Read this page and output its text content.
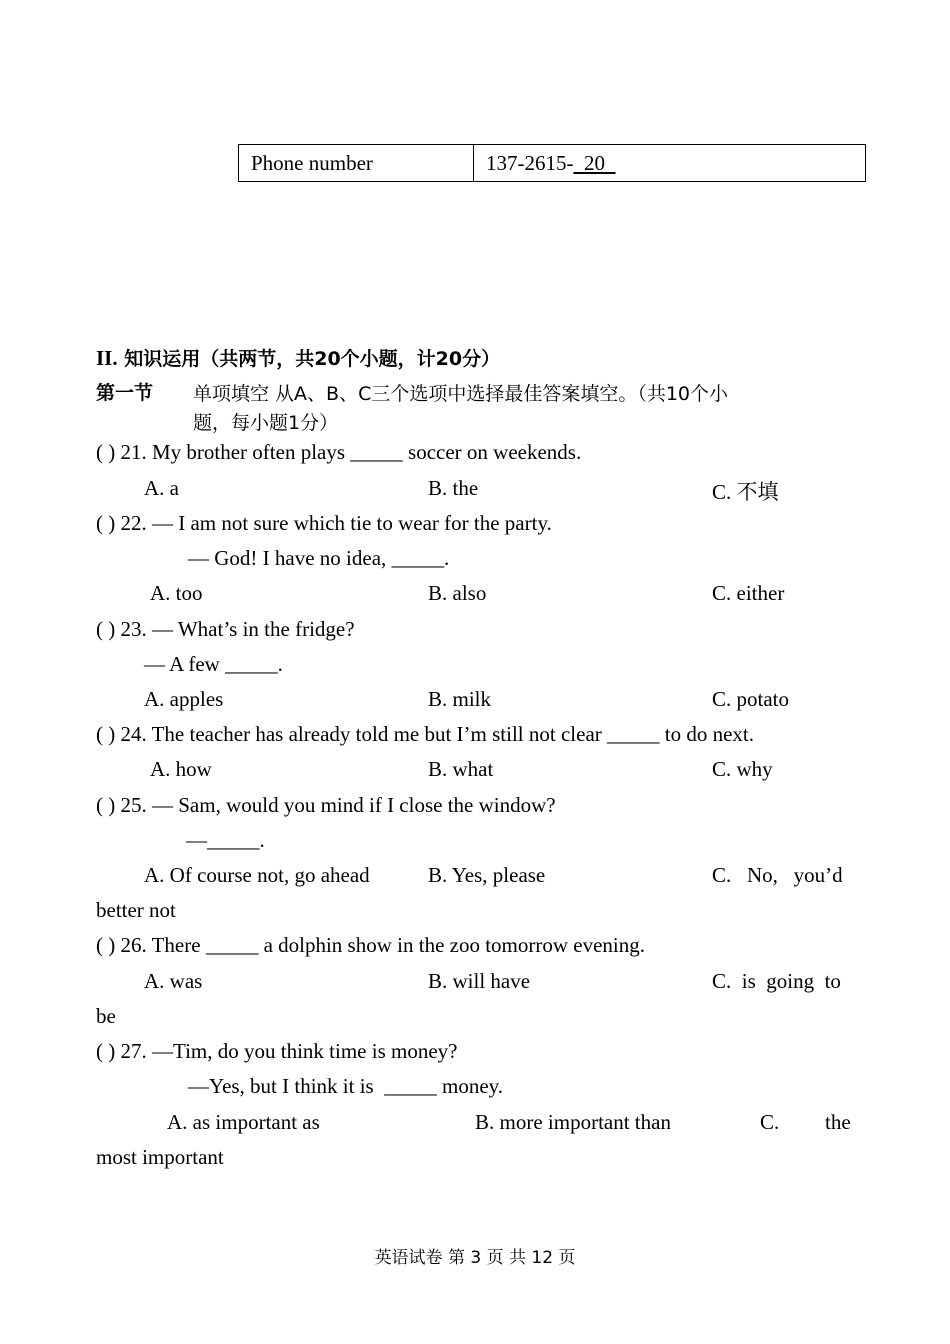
Phone number	137-2615- 20
II. 知识运用（共两节，共20个小题，计20分）
第一节 单项填空 从A、B、C三个选项中选择最佳答案填空。（共10个小
题，每小题1分）
( ) 21. My brother often plays _____ soccer on weekends.
A. a	B. the	C. 不填
( ) 22. — I am not sure which tie to wear for the party.
— God! I have no idea, _____.
A. too	B. also	C. either
( ) 23. — What’s in the fridge?
— A few _____.
A. apples	B. milk	C. potato
( ) 24. The teacher has already told me but I’m still not clear _____ to do next.
A. how	B. what	C. why
( ) 25. — Sam, would you mind if I close the window?
—_____.
A. Of course not, go ahead	B. Yes, please	C.   No,   you’d
better not
( ) 26. There _____ a dolphin show in the zoo tomorrow evening.
A. was	B. will have	C.  is  going  to
be
( ) 27. —Tim, do you think time is money?
—Yes, but I think it is  _____ money.
A. as important as	B. more important than	C. the
most important
英语试卷 第 3 页 共 12 页
